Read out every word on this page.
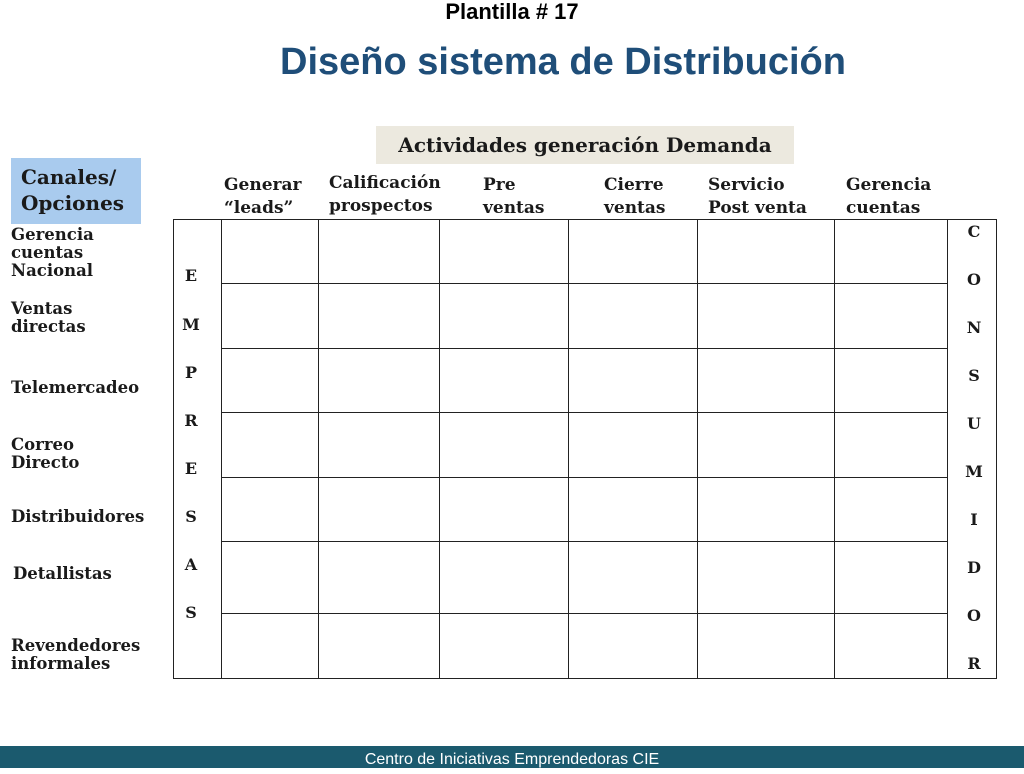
Plantilla # 17
Diseño sistema de Distribución
Actividades generación Demanda
Canales/
Opciones
Generar
“leads”
Calificación
prospectos
Pre
ventas
Cierre
ventas
Servicio
Post venta
Gerencia
cuentas
Gerencia
cuentas
Nacional
Ventas
directas
Telemercadeo
Correo
Directo
Distribuidores
Detallistas
Revendedores
informales
E
M
P
R
E
S
A
S
C
O
N
S
U
M
I
D
O
R
Centro de Iniciativas Emprendedoras CIE
